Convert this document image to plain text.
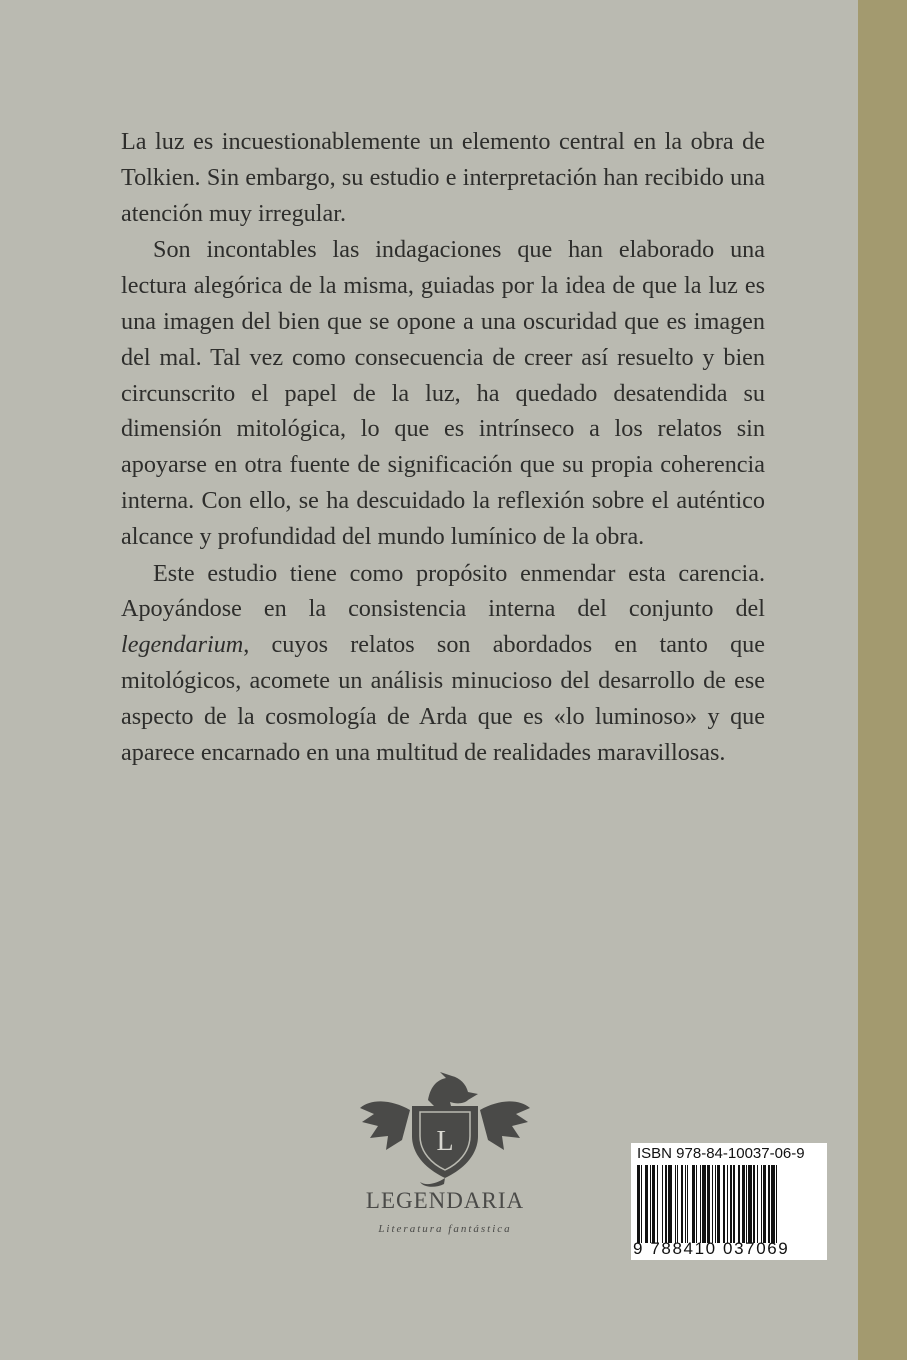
La luz es incuestionablemente un elemento central en la obra de Tolkien. Sin embargo, su estudio e interpretación han recibido una atención muy irregular.

Son incontables las indagaciones que han elaborado una lectura alegórica de la misma, guiadas por la idea de que la luz es una imagen del bien que se opone a una oscuridad que es imagen del mal. Tal vez como consecuencia de creer así resuelto y bien circunscrito el papel de la luz, ha quedado desatendida su dimensión mitológica, lo que es intrínseco a los relatos sin apoyarse en otra fuente de significación que su propia coherencia interna. Con ello, se ha descuidado la reflexión sobre el auténtico alcance y profundidad del mundo lumínico de la obra.

Este estudio tiene como propósito enmendar esta carencia. Apoyándose en la consistencia interna del conjunto del legendarium, cuyos relatos son abordados en tanto que mitológicos, acomete un análisis minucioso del desarrollo de ese aspecto de la cosmología de Arda que es «lo luminoso» y que aparece encarnado en una multitud de realidades maravillosas.

L
LEGENDARIA
Literatura fantástica
ISBN 978-84-10037-06-9
9 788410 037069
